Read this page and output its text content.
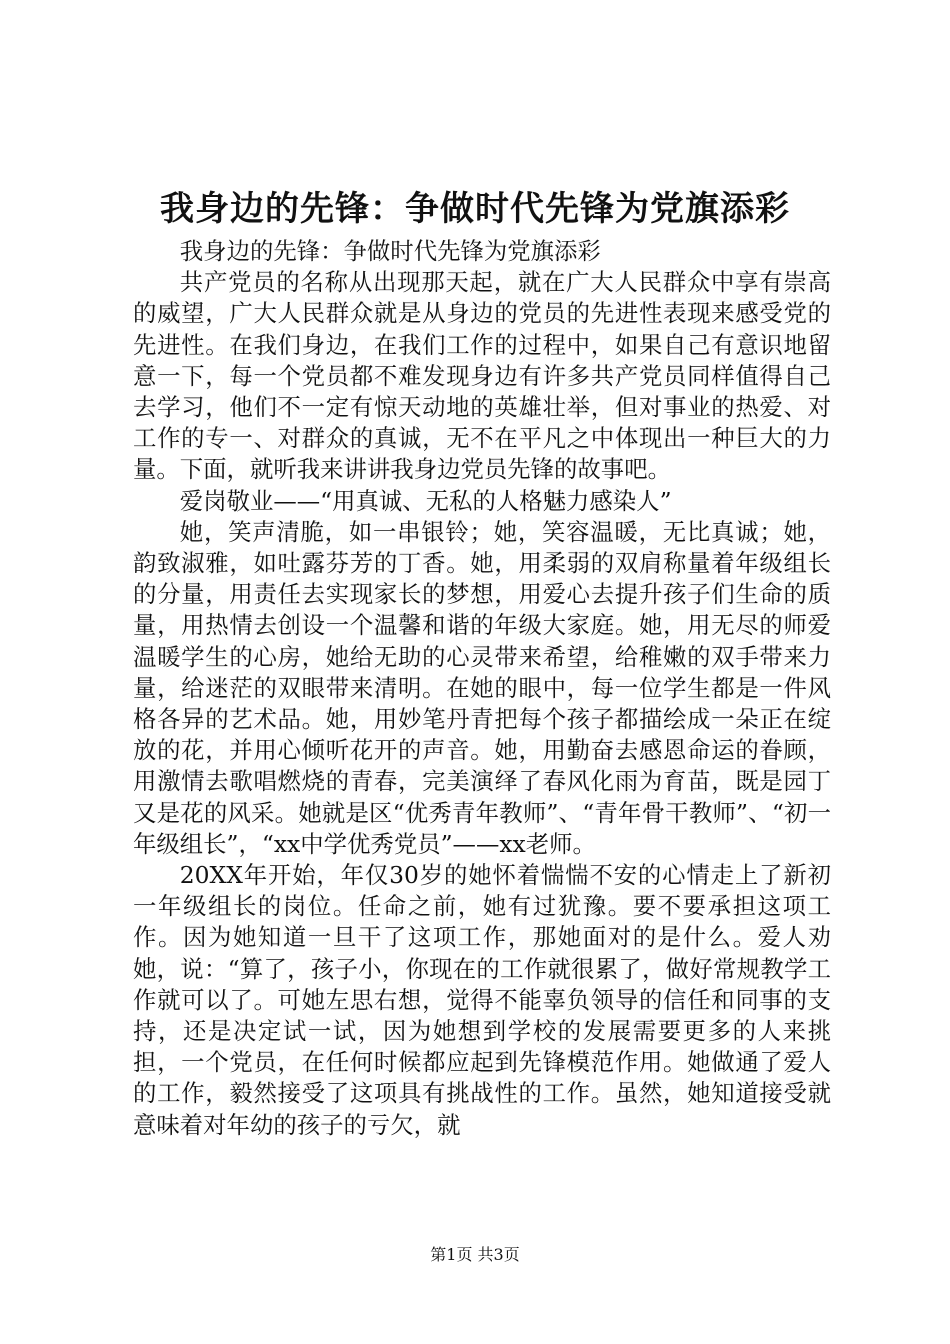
我身边的先锋：争做时代先锋为党旗添彩

我身边的先锋：争做时代先锋为党旗添彩

共产党员的名称从出现那天起，就在广大人民群众中享有崇高的威望，广大人民群众就是从身边的党员的先进性表现来感受党的先进性。在我们身边，在我们工作的过程中，如果自己有意识地留意一下，每一个党员都不难发现身边有许多共产党员同样值得自己去学习，他们不一定有惊天动地的英雄壮举，但对事业的热爱、对工作的专一、对群众的真诚，无不在平凡之中体现出一种巨大的力量。下面，就听我来讲讲我身边党员先锋的故事吧。

爱岗敬业——“用真诚、无私的人格魅力感染人”

她，笑声清脆，如一串银铃；她，笑容温暖，无比真诚；她，韵致淑雅，如吐露芬芳的丁香。她，用柔弱的双肩称量着年级组长的分量，用责任去实现家长的梦想，用爱心去提升孩子们生命的质量，用热情去创设一个温馨和谐的年级大家庭。她，用无尽的师爱温暖学生的心房，她给无助的心灵带来希望，给稚嫩的双手带来力量，给迷茫的双眼带来清明。在她的眼中，每一位学生都是一件风格各异的艺术品。她，用妙笔丹青把每个孩子都描绘成一朵正在绽放的花，并用心倾听花开的声音。她，用勤奋去感恩命运的眷顾，用激情去歌唱燃烧的青春，完美演绎了春风化雨为育苗，既是园丁又是花的风采。她就是区“优秀青年教师”、“青年骨干教师”、“初一年级组长”，“xx中学优秀党员”——xx老师。

20XX年开始，年仅30岁的她怀着惴惴不安的心情走上了新初一年级组长的岗位。任命之前，她有过犹豫。要不要承担这项工作。因为她知道一旦干了这项工作，那她面对的是什么。爱人劝她，说：“算了，孩子小，你现在的工作就很累了，做好常规教学工作就可以了。可她左思右想，觉得不能辜负领导的信任和同事的支持，还是决定试一试，因为她想到学校的发展需要更多的人来挑担，一个党员，在任何时候都应起到先锋模范作用。她做通了爱人的工作，毅然接受了这项具有挑战性的工作。虽然，她知道接受就意味着对年幼的孩子的亏欠，就

第1页 共3页
